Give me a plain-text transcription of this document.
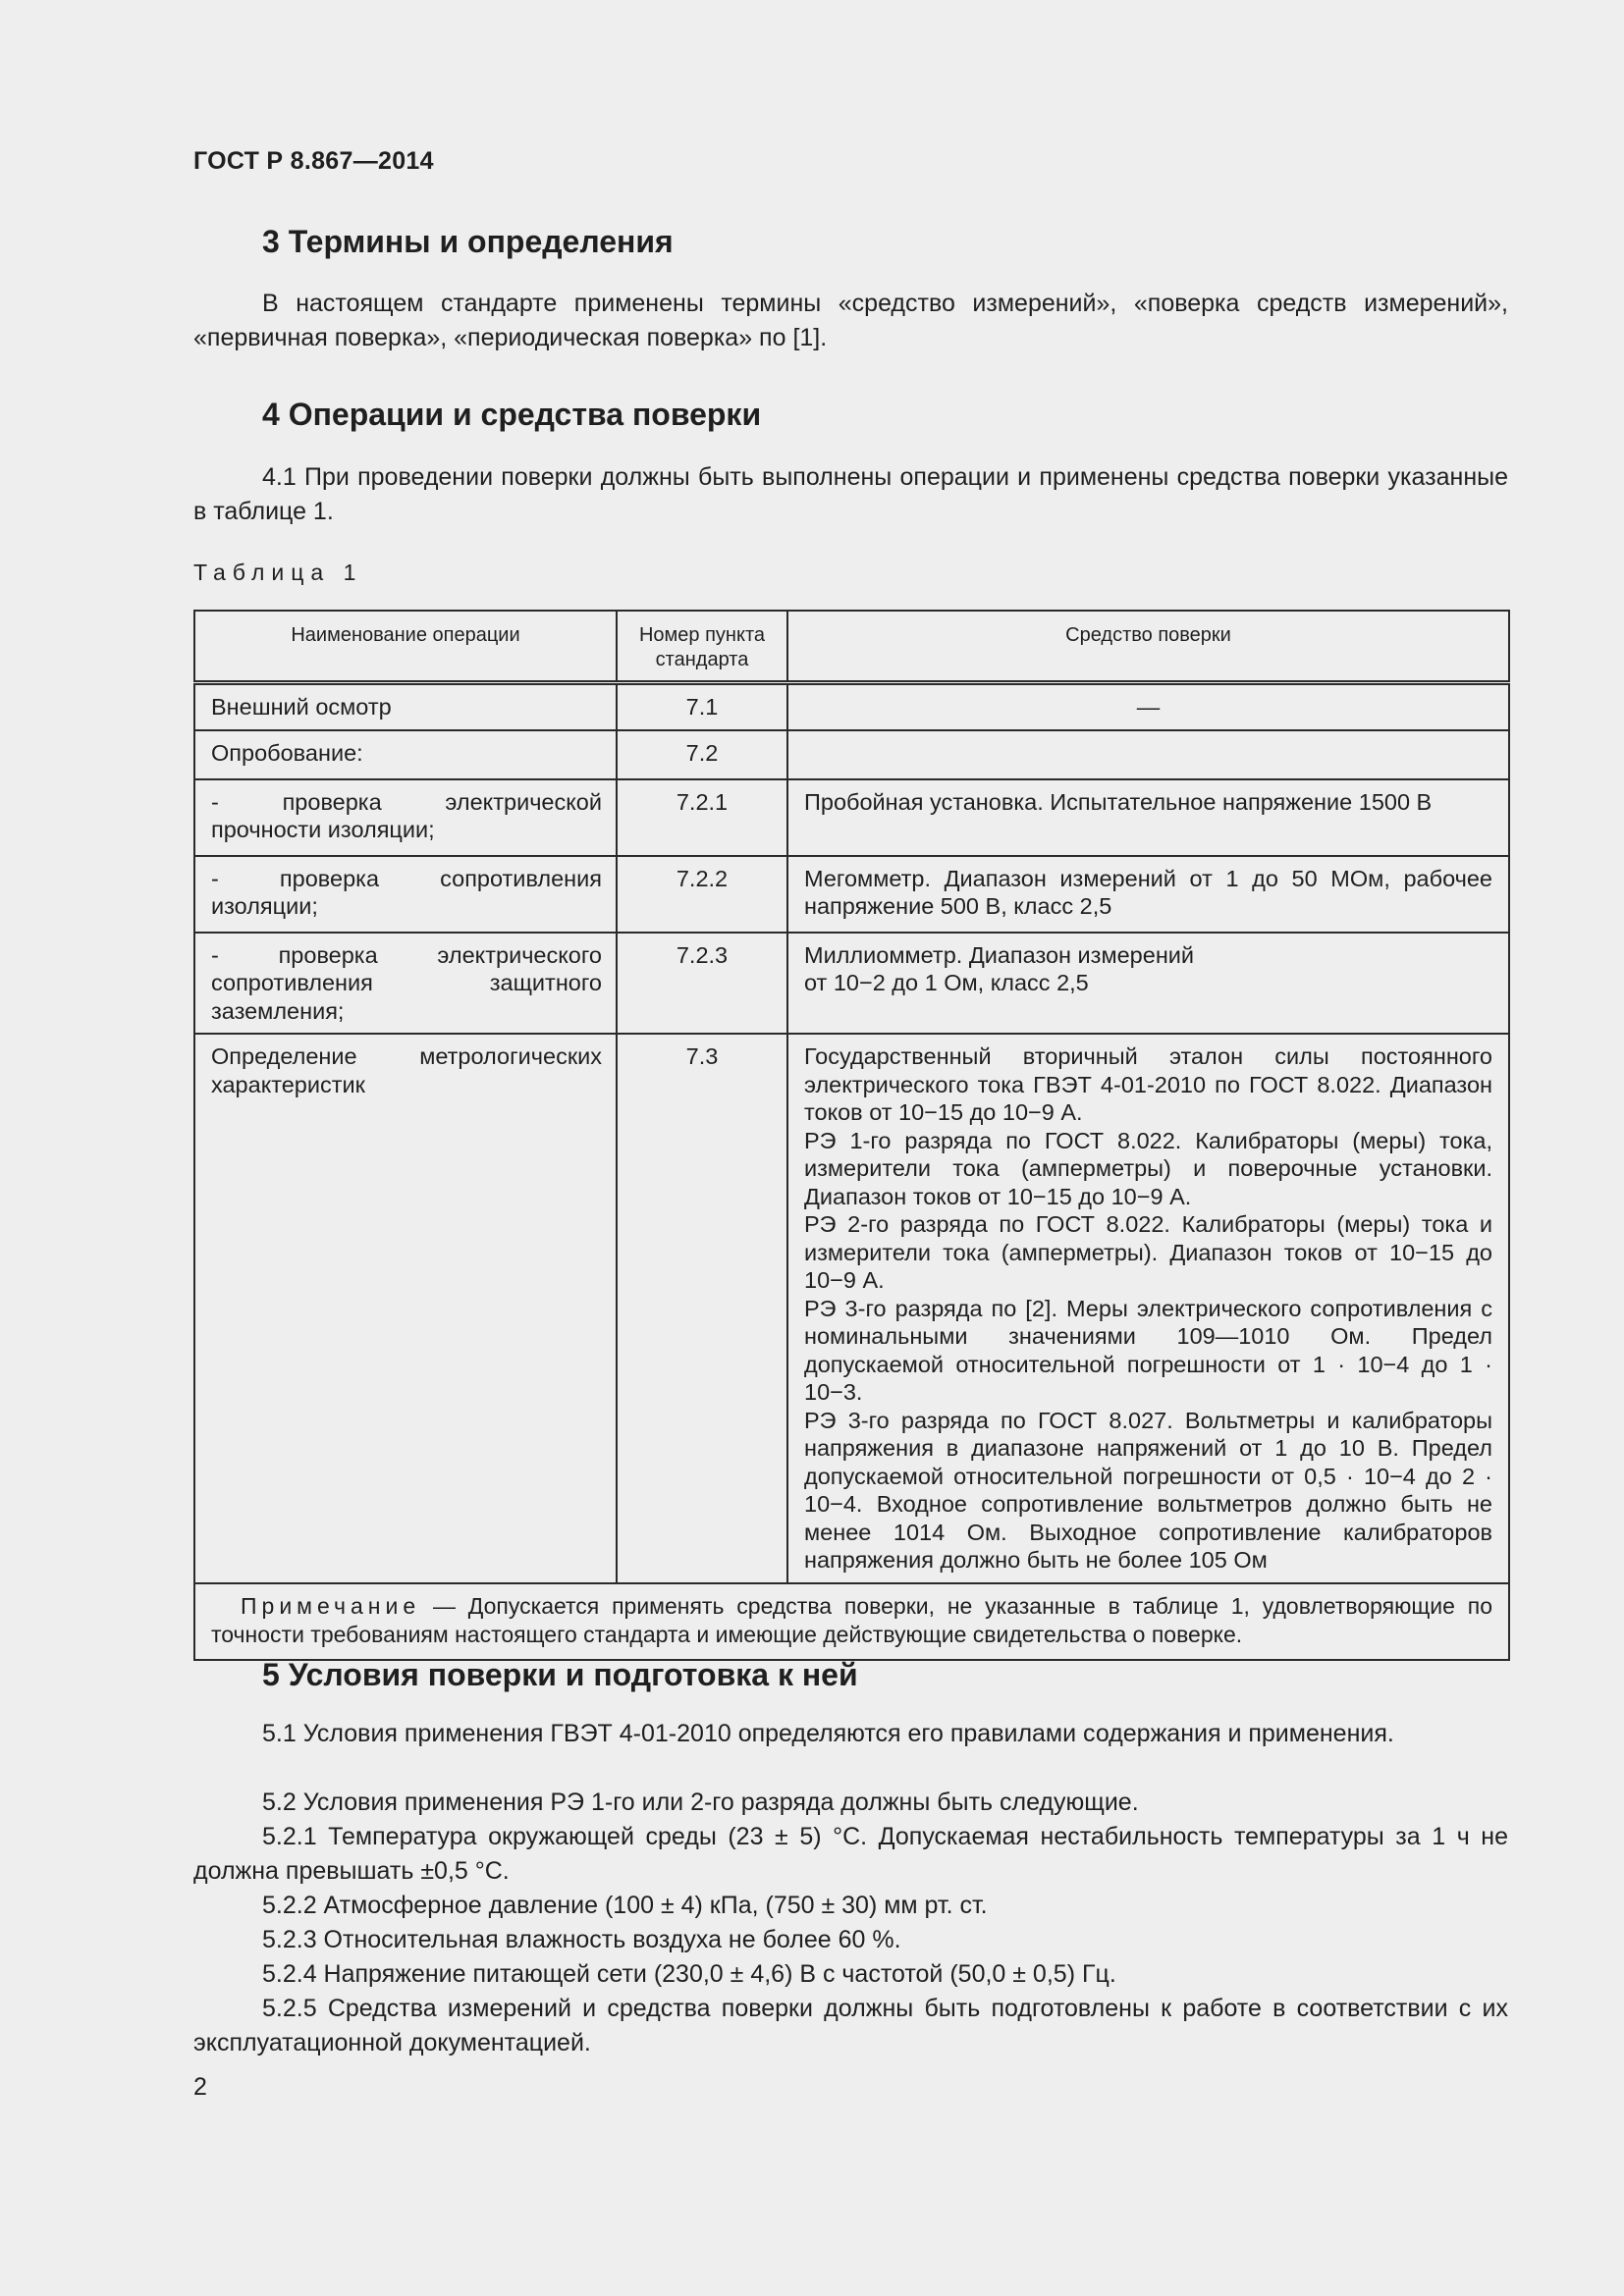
ГОСТ Р 8.867—2014
3 Термины и определения
В настоящем стандарте применены термины «средство измерений», «поверка средств измерений», «первичная поверка», «периодическая поверка» по [1].
4 Операции и средства поверки
4.1 При проведении поверки должны быть выполнены операции и применены средства поверки указанные в таблице 1.
Таблица 1
Наименование операции	Номер пункта стандарта	Средство поверки
Внешний осмотр	7.1	—
Опробование:	7.2	
- проверка электрической прочности изоляции;	7.2.1	Пробойная установка. Испытательное напряжение 1500 В
- проверка сопротивления изоляции;	7.2.2	Мегомметр. Диапазон измерений от 1 до 50 МОм, рабочее напряжение 500 В, класс 2,5
- проверка электрического сопротивления защитного заземления;	7.2.3	Миллиомметр. Диапазон измерений
от 10−2 до 1 Ом, класс 2,5

Определение метрологических характеристик	7.3	Государственный вторичный эталон силы постоянного электрического тока ГВЭТ 4-01-2010 по ГОСТ 8.022. Диапазон токов от 10−15 до 10−9 А.
РЭ 1-го разряда по ГОСТ 8.022. Калибраторы (меры) тока, измерители тока (амперметры) и поверочные установки. Диапазон токов от 10−15 до 10−9 А.
РЭ 2-го разряда по ГОСТ 8.022. Калибраторы (меры) тока и измерители тока (амперметры). Диапазон токов от 10−15 до 10−9 А.
РЭ 3-го разряда по [2]. Меры электрического сопротивления с номинальными значениями 109—1010 Ом. Предел допускаемой относительной погрешности от 1 · 10−4 до 1 · 10−3.
РЭ 3-го разряда по ГОСТ 8.027. Вольтметры и калибраторы напряжения в диапазоне напряжений от 1 до 10 В. Предел допускаемой относительной погрешности от 0,5 · 10−4 до 2 · 10−4. Входное сопротивление вольтметров должно быть не менее 1014 Ом. Выходное сопротивление калибраторов напряжения должно быть не более 105 Ом

Примечание — Допускается применять средства поверки, не указанные в таблице 1, удовлетворяющие по точности требованиям настоящего стандарта и имеющие действующие свидетельства о поверке.		
5 Условия поверки и подготовка к ней
5.1 Условия применения ГВЭТ 4-01-2010 определяются его правилами содержания и применения.
5.2 Условия применения РЭ 1-го или 2-го разряда должны быть следующие.
5.2.1 Температура окружающей среды (23 ± 5) °С. Допускаемая нестабильность температуры за 1 ч не должна превышать ±0,5 °С.
5.2.2 Атмосферное давление (100 ± 4) кПа, (750 ± 30) мм рт. ст.
5.2.3 Относительная влажность воздуха не более 60 %.
5.2.4 Напряжение питающей сети (230,0 ± 4,6) В с частотой (50,0 ± 0,5) Гц.
5.2.5 Средства измерений и средства поверки должны быть подготовлены к работе в соответствии с их эксплуатационной документацией.
2
